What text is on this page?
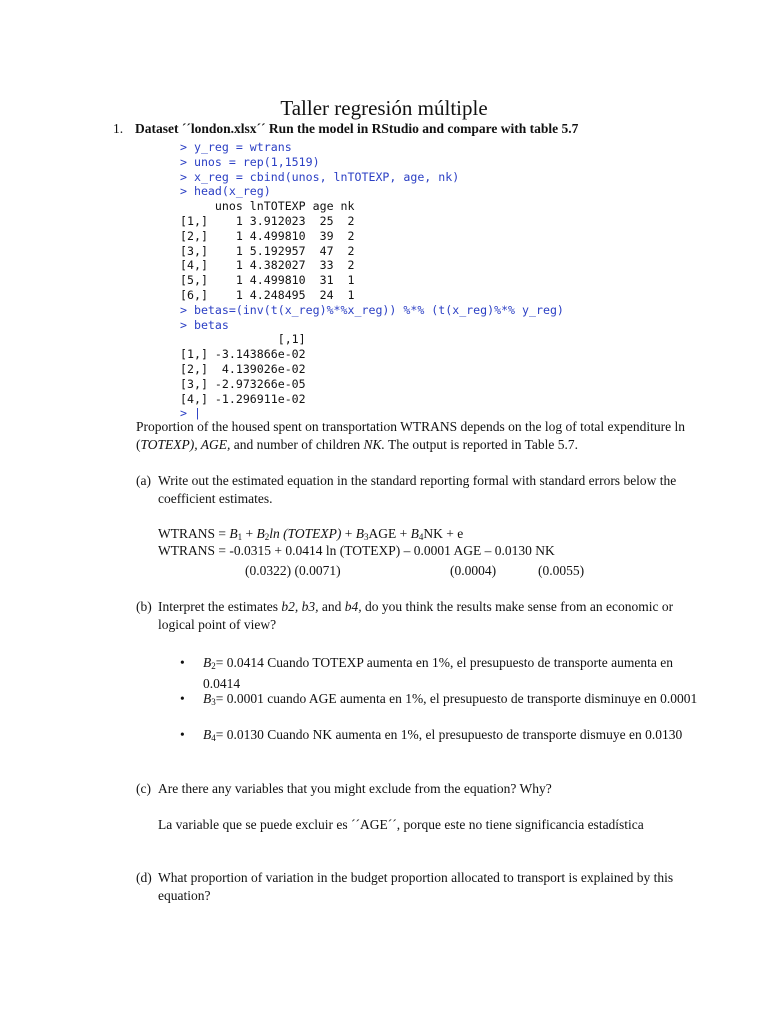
Taller regresión múltiple
1. Dataset ´´london.xlsx´´ Run the model in RStudio and compare with table 5.7
> y_reg = wtrans
> unos = rep(1,1519)
> x_reg = cbind(unos, lnTOTEXP, age, nk)
> head(x_reg)
unos lnTOTEXP age nk
[1,]    1 3.912023  25  2
[2,]    1 4.499810  39  2
[3,]    1 5.192957  47  2
[4,]    1 4.382027  33  2
[5,]    1 4.499810  31  1
[6,]    1 4.248495  24  1
> betas=(inv(t(x_reg)%*%x_reg)) %*% (t(x_reg)%*% y_reg)
> betas
[,1]
[1,] -3.143866e-02
[2,]  4.139026e-02
[3,] -2.973266e-05
[4,] -1.296911e-02
> |
Proportion of the housed spent on transportation WTRANS depends on the log of total expenditure ln (TOTEXP), AGE, and number of children NK. The output is reported in Table 5.7.
(a) Write out the estimated equation in the standard reporting formal with standard errors below the coefficient estimates.
WTRANS = $B_1 + B_2\ln$ (TOTEXP) + $B_3AGE + B_4NK + e$
WTRANS = -0.0315 + 0.0414 ln (TOTEXP) – 0.0001 AGE – 0.0130 NK
(0.0322) (0.0071)	(0.0004)	(0.0055)
(b) Interpret the estimates b2, b3, and b4, do you think the results make sense from an economic or logical point of view?
• $B_2= 0.0414$ Cuando TOTEXP aumenta en 1%, el presupuesto de transporte aumenta en 0.0414
• $B_3= 0.0001$ cuando AGE aumenta en 1%, el presupuesto de transporte disminuye en 0.0001
• $B_4= 0.0130$ Cuando NK aumenta en 1%, el presupuesto de transporte dismuye en 0.0130
(c) Are there any variables that you might exclude from the equation? Why?
La variable que se puede excluir es ´´AGE´´, porque este no tiene significancia estadística
(d) What proportion of variation in the budget proportion allocated to transport is explained by this equation?
